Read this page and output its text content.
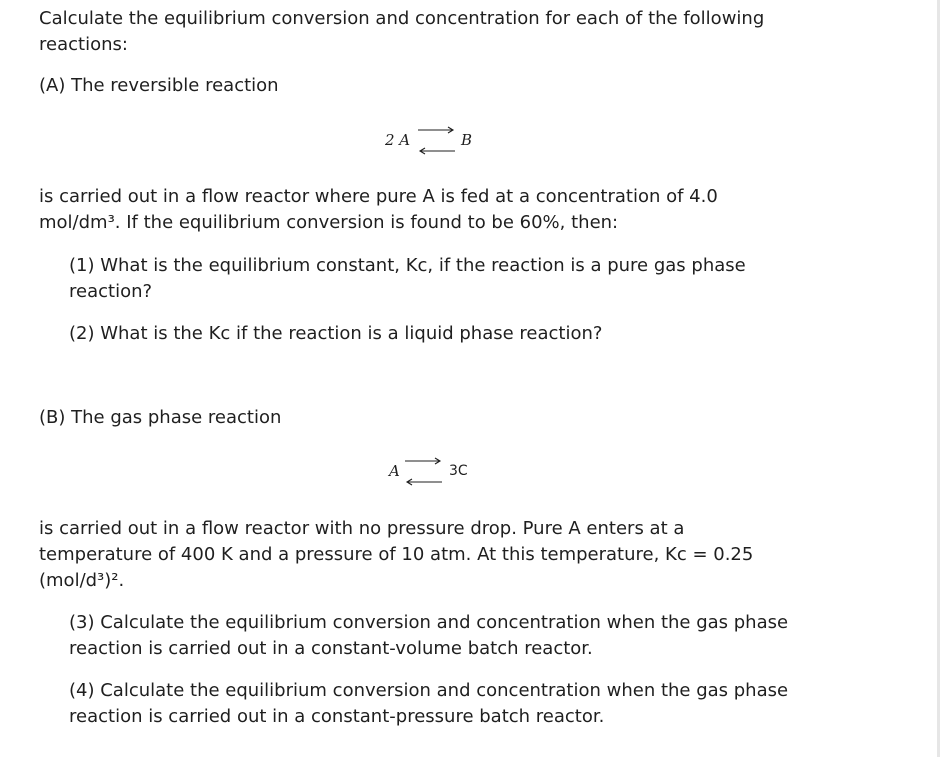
Calculate the equilibrium conversion and concentration for each of the following
reactions:
(A) The reversible reaction
2 A ⇌ B
is carried out in a flow reactor where pure A is fed at a concentration of 4.0
mol/dm³. If the equilibrium conversion is found to be 60%, then:
(1) What is the equilibrium constant, Kc, if the reaction is a pure gas phase
reaction?
(2) What is the Kc if the reaction is a liquid phase reaction?
(B) The gas phase reaction
A ⇌ 3C
is carried out in a flow reactor with no pressure drop. Pure A enters at a
temperature of 400 K and a pressure of 10 atm. At this temperature, Kc = 0.25
(mol/d³)².
(3) Calculate the equilibrium conversion and concentration when the gas phase
reaction is carried out in a constant-volume batch reactor.
(4) Calculate the equilibrium conversion and concentration when the gas phase
reaction is carried out in a constant-pressure batch reactor.
